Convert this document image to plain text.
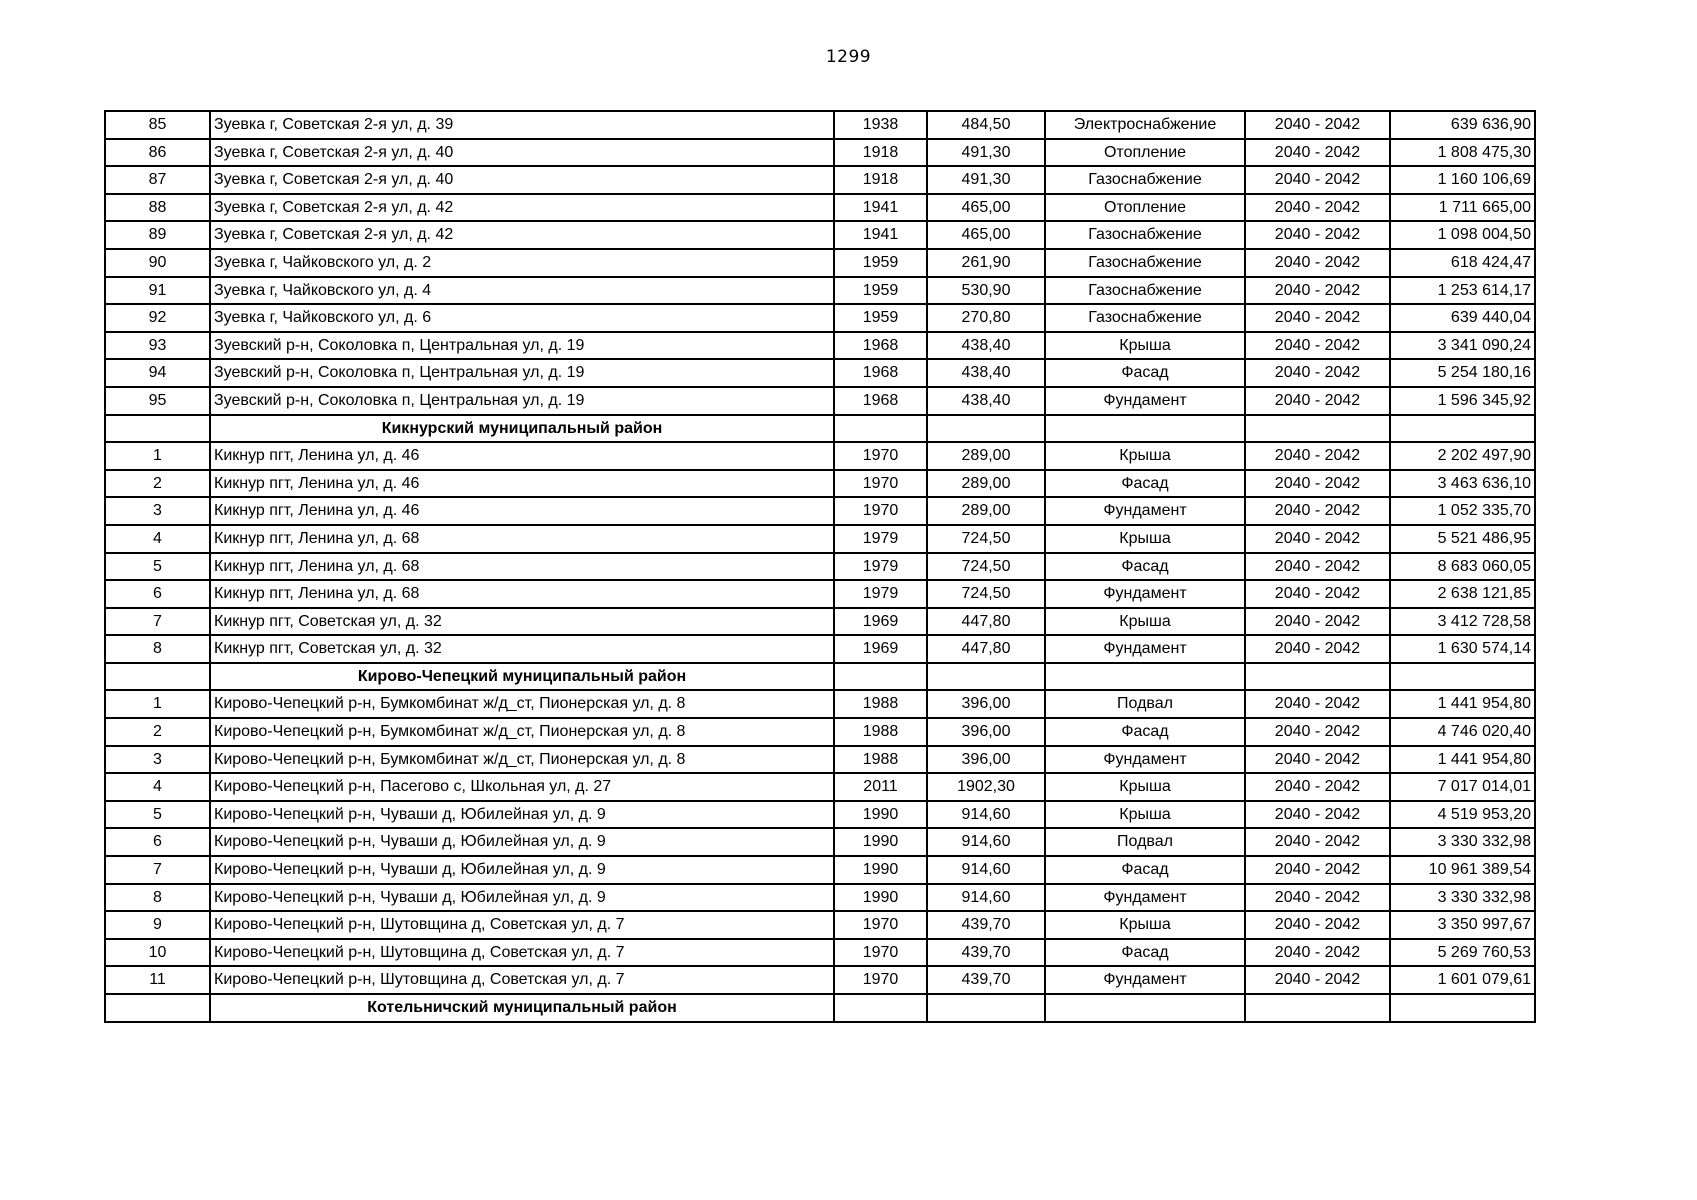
1299
85	Зуевка г, Советская 2-я ул, д. 39	1938	484,50	Электроснабжение	2040 - 2042	639 636,90
86	Зуевка г, Советская 2-я ул, д. 40	1918	491,30	Отопление	2040 - 2042	1 808 475,30
87	Зуевка г, Советская 2-я ул, д. 40	1918	491,30	Газоснабжение	2040 - 2042	1 160 106,69
88	Зуевка г, Советская 2-я ул, д. 42	1941	465,00	Отопление	2040 - 2042	1 711 665,00
89	Зуевка г, Советская 2-я ул, д. 42	1941	465,00	Газоснабжение	2040 - 2042	1 098 004,50
90	Зуевка г, Чайковского ул, д. 2	1959	261,90	Газоснабжение	2040 - 2042	618 424,47
91	Зуевка г, Чайковского ул, д. 4	1959	530,90	Газоснабжение	2040 - 2042	1 253 614,17
92	Зуевка г, Чайковского ул, д. 6	1959	270,80	Газоснабжение	2040 - 2042	639 440,04
93	Зуевский р-н, Соколовка п, Центральная ул, д. 19	1968	438,40	Крыша	2040 - 2042	3 341 090,24
94	Зуевский р-н, Соколовка п, Центральная ул, д. 19	1968	438,40	Фасад	2040 - 2042	5 254 180,16
95	Зуевский р-н, Соколовка п, Центральная ул, д. 19	1968	438,40	Фундамент	2040 - 2042	1 596 345,92
	Кикнурский муниципальный район					
1	Кикнур пгт, Ленина ул, д. 46	1970	289,00	Крыша	2040 - 2042	2 202 497,90
2	Кикнур пгт, Ленина ул, д. 46	1970	289,00	Фасад	2040 - 2042	3 463 636,10
3	Кикнур пгт, Ленина ул, д. 46	1970	289,00	Фундамент	2040 - 2042	1 052 335,70
4	Кикнур пгт, Ленина ул, д. 68	1979	724,50	Крыша	2040 - 2042	5 521 486,95
5	Кикнур пгт, Ленина ул, д. 68	1979	724,50	Фасад	2040 - 2042	8 683 060,05
6	Кикнур пгт, Ленина ул, д. 68	1979	724,50	Фундамент	2040 - 2042	2 638 121,85
7	Кикнур пгт, Советская ул, д. 32	1969	447,80	Крыша	2040 - 2042	3 412 728,58
8	Кикнур пгт, Советская ул, д. 32	1969	447,80	Фундамент	2040 - 2042	1 630 574,14
	Кирово-Чепецкий муниципальный район					
1	Кирово-Чепецкий р-н, Бумкомбинат ж/д_ст, Пионерская ул, д. 8	1988	396,00	Подвал	2040 - 2042	1 441 954,80
2	Кирово-Чепецкий р-н, Бумкомбинат ж/д_ст, Пионерская ул, д. 8	1988	396,00	Фасад	2040 - 2042	4 746 020,40
3	Кирово-Чепецкий р-н, Бумкомбинат ж/д_ст, Пионерская ул, д. 8	1988	396,00	Фундамент	2040 - 2042	1 441 954,80
4	Кирово-Чепецкий р-н, Пасегово с, Школьная ул, д. 27	2011	1902,30	Крыша	2040 - 2042	7 017 014,01
5	Кирово-Чепецкий р-н, Чуваши д, Юбилейная ул, д. 9	1990	914,60	Крыша	2040 - 2042	4 519 953,20
6	Кирово-Чепецкий р-н, Чуваши д, Юбилейная ул, д. 9	1990	914,60	Подвал	2040 - 2042	3 330 332,98
7	Кирово-Чепецкий р-н, Чуваши д, Юбилейная ул, д. 9	1990	914,60	Фасад	2040 - 2042	10 961 389,54
8	Кирово-Чепецкий р-н, Чуваши д, Юбилейная ул, д. 9	1990	914,60	Фундамент	2040 - 2042	3 330 332,98
9	Кирово-Чепецкий р-н, Шутовщина д, Советская ул, д. 7	1970	439,70	Крыша	2040 - 2042	3 350 997,67
10	Кирово-Чепецкий р-н, Шутовщина д, Советская ул, д. 7	1970	439,70	Фасад	2040 - 2042	5 269 760,53
11	Кирово-Чепецкий р-н, Шутовщина д, Советская ул, д. 7	1970	439,70	Фундамент	2040 - 2042	1 601 079,61
	Котельничский муниципальный район					
